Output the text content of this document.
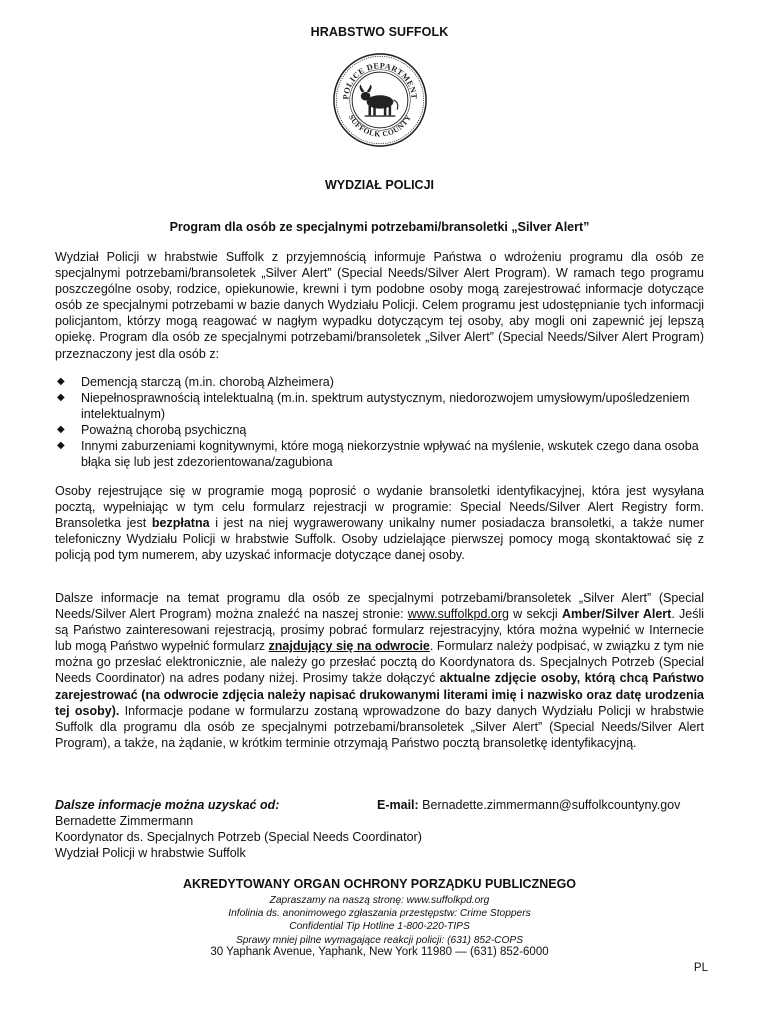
HRABSTWO SUFFOLK
POLICE DEPARTMENT
SUFFOLK COUNTY
WYDZIAŁ POLICJI
Program dla osób ze specjalnymi potrzebami/bransoletki „Silver Alert”

Wydział Policji w hrabstwie Suffolk z przyjemnością informuje Państwa o wdrożeniu programu dla osób ze specjalnymi potrzebami/bransoletek „Silver Alert” (Special Needs/Silver Alert Program). W ramach tego programu poszczególne osoby, rodzice, opiekunowie, krewni i tym podobne osoby mogą zarejestrować informacje dotyczące osób ze specjalnymi potrzebami w bazie danych Wydziału Policji. Celem programu jest udostępnianie tych informacji policjantom, którzy mogą reagować w nagłym wypadku dotyczącym tej osoby, aby mogli oni zapewnić jej lepszą opiekę. Program dla osób ze specjalnymi potrzebami/bransoletek „Silver Alert” (Special Needs/Silver Alert Program) przeznaczony jest dla osób z:

◆ Demencją starczą (m.in. chorobą Alzheimera)
◆ Niepełnosprawnością intelektualną (m.in. spektrum autystycznym, niedorozwojem umysłowym/upośledzeniem intelektualnym)
◆ Poważną chorobą psychiczną
◆ Innymi zaburzeniami kognitywnymi, które mogą niekorzystnie wpływać na myślenie, wskutek czego dana osoba błąka się lub jest zdezorientowana/zagubiona

Osoby rejestrujące się w programie mogą poprosić o wydanie bransoletki identyfikacyjnej, która jest wysyłana pocztą, wypełniając w tym celu formularz rejestracji w programie: Special Needs/Silver Alert Registry form. Bransoletka jest bezpłatna i jest na niej wygrawerowany unikalny numer posiadacza bransoletki, a także numer telefoniczny Wydziału Policji w hrabstwie Suffolk. Osoby udzielające pierwszej pomocy mogą skontaktować się z policją pod tym numerem, aby uzyskać informacje dotyczące danej osoby.

Dalsze informacje na temat programu dla osób ze specjalnymi potrzebami/bransoletek „Silver Alert” (Special Needs/Silver Alert Program) można znaleźć na naszej stronie: www.suffolkpd.org w sekcji Amber/Silver Alert. Jeśli są Państwo zainteresowani rejestracją, prosimy pobrać formularz rejestracyjny, która można wypełnić w Internecie lub mogą Państwo wypełnić formularz znajdujący się na odwrocie. Formularz należy podpisać, w związku z tym nie można go przesłać elektronicznie, ale należy go przesłać pocztą do Koordynatora ds. Specjalnych Potrzeb (Special Needs Coordinator) na adres podany niżej. Prosimy także dołączyć aktualne zdjęcie osoby, którą chcą Państwo zarejestrować (na odwrocie zdjęcia należy napisać drukowanymi literami imię i nazwisko oraz datę urodzenia tej osoby). Informacje podane w formularzu zostaną wprowadzone do bazy danych Wydziału Policji w hrabstwie Suffolk dla programu dla osób ze specjalnymi potrzebami/bransoletek „Silver Alert” (Special Needs/Silver Alert Program), a także, na żądanie, w krótkim terminie otrzymają Państwo pocztą bransoletkę identyfikacyjną.

Dalsze informacje można uzyskać od:	E-mail: Bernadette.zimmermann@suffolkcountyny.gov
Bernadette Zimmermann
Koordynator ds. Specjalnych Potrzeb (Special Needs Coordinator)
Wydział Policji w hrabstwie Suffolk
AKREDYTOWANY ORGAN OCHRONY PORZĄDKU PUBLICZNEGO
Zapraszamy na naszą stronę: www.suffolkpd.org
Infolinia ds. anonimowego zgłaszania przestępstw: Crime Stoppers
Confidential Tip Hotline 1-800-220-TIPS
Sprawy mniej pilne wymagające reakcji policji: (631) 852-COPS
30 Yaphank Avenue, Yaphank, New York 11980 — (631) 852-6000
PL
